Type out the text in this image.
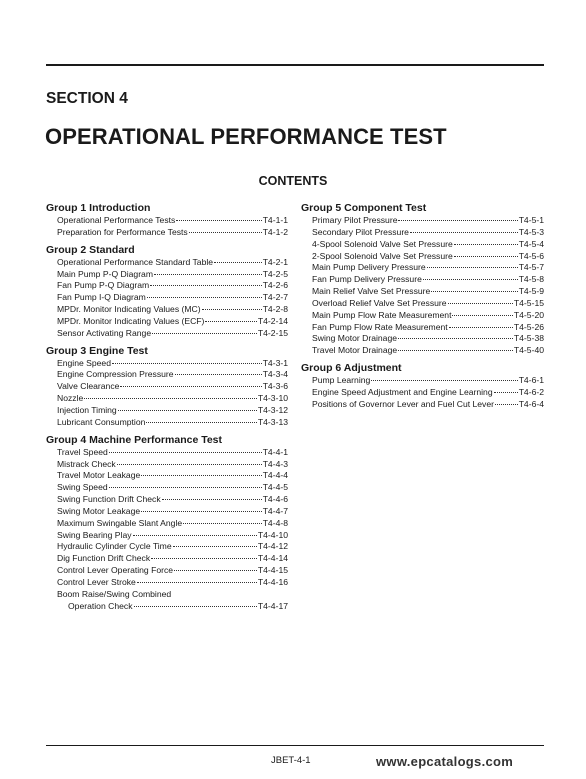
SECTION 4
OPERATIONAL PERFORMANCE TEST
CONTENTS
Group 1 Introduction
Operational Performance Tests	T4-1-1
Preparation for Performance Tests	T4-1-2
Group 2 Standard
Operational Performance Standard Table	T4-2-1
Main Pump P-Q Diagram	T4-2-5
Fan Pump P-Q Diagram	T4-2-6
Fan Pump I-Q Diagram	T4-2-7
MPDr. Monitor Indicating Values (MC)	T4-2-8
MPDr. Monitor Indicating Values (ECF)	T4-2-14
Sensor Activating Range	T4-2-15
Group 3 Engine Test
Engine Speed	T4-3-1
Engine Compression Pressure	T4-3-4
Valve Clearance	T4-3-6
Nozzle	T4-3-10
Injection Timing	T4-3-12
Lubricant Consumption	T4-3-13
Group 4 Machine Performance Test
Travel Speed	T4-4-1
Mistrack Check	T4-4-3
Travel Motor Leakage	T4-4-4
Swing Speed	T4-4-5
Swing Function Drift Check	T4-4-6
Swing Motor Leakage	T4-4-7
Maximum Swingable Slant Angle	T4-4-8
Swing Bearing Play	T4-4-10
Hydraulic Cylinder Cycle Time	T4-4-12
Dig Function Drift Check	T4-4-14
Control Lever Operating Force	T4-4-15
Control Lever Stroke	T4-4-16
Boom Raise/Swing Combined
Operation Check	T4-4-17
Group 5 Component Test
Primary Pilot Pressure	T4-5-1
Secondary Pilot Pressure	T4-5-3
4-Spool Solenoid Valve Set Pressure	T4-5-4
2-Spool Solenoid Valve Set Pressure	T4-5-6
Main Pump Delivery Pressure	T4-5-7
Fan Pump Delivery Pressure	T4-5-8
Main Relief Valve Set Pressure	T4-5-9
Overload Relief Valve Set Pressure	T4-5-15
Main Pump Flow Rate Measurement	T4-5-20
Fan Pump Flow Rate Measurement	T4-5-26
Swing Motor Drainage	T4-5-38
Travel Motor Drainage	T4-5-40
Group 6 Adjustment
Pump Learning	T4-6-1
Engine Speed Adjustment and Engine Learning	T4-6-2
Positions of Governor Lever and Fuel Cut Lever	T4-6-4
JBET-4-1	www.epcatalogs.com
